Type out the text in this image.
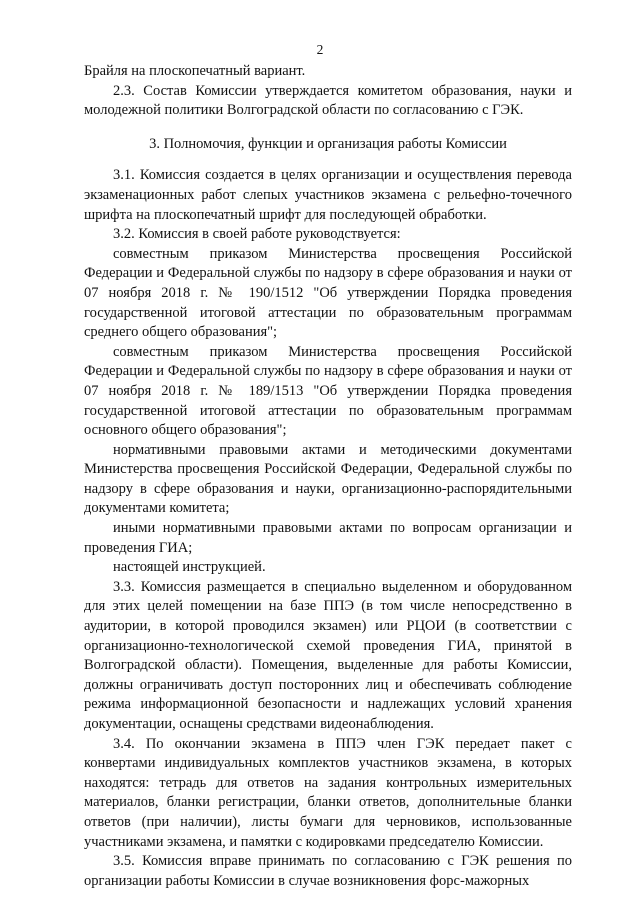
2

Брайля на плоскопечатный вариант.

2.3. Состав Комиссии утверждается комитетом образования, науки и молодежной политики Волгоградской области по согласованию с ГЭК.

3. Полномочия, функции и организация работы Комиссии

3.1. Комиссия создается в целях организации и осуществления перевода экзаменационных работ слепых участников экзамена с рельефно-точечного шрифта на плоскопечатный шрифт для последующей обработки.

3.2. Комиссия в своей работе руководствуется:

совместным приказом Министерства просвещения Российской Федерации и Федеральной службы по надзору в сфере образования и науки от 07 ноября 2018 г. № 190/1512 "Об утверждении Порядка проведения государственной итоговой аттестации по образовательным программам среднего общего образования";

совместным приказом Министерства просвещения Российской Федерации и Федеральной службы по надзору в сфере образования и науки от 07 ноября 2018 г. № 189/1513 "Об утверждении Порядка проведения государственной итоговой аттестации по образовательным программам основного общего образования";

нормативными правовыми актами и методическими документами Министерства просвещения Российской Федерации, Федеральной службы по надзору в сфере образования и науки, организационно-распорядительными документами комитета;

иными нормативными правовыми актами по вопросам организации и проведения ГИА;

настоящей инструкцией.

3.3. Комиссия размещается в специально выделенном и оборудованном для этих целей помещении на базе ППЭ (в том числе непосредственно в аудитории, в которой проводился экзамен) или РЦОИ (в соответствии с организационно-технологической схемой проведения ГИА, принятой в Волгоградской области). Помещения, выделенные для работы Комиссии, должны ограничивать доступ посторонних лиц и обеспечивать соблюдение режима информационной безопасности и надлежащих условий хранения документации, оснащены средствами видеонаблюдения.

3.4. По окончании экзамена в ППЭ член ГЭК передает пакет с конвертами индивидуальных комплектов участников экзамена, в которых находятся: тетрадь для ответов на задания контрольных измерительных материалов, бланки регистрации, бланки ответов, дополнительные бланки ответов (при наличии), листы бумаги для черновиков, использованные участниками экзамена, и памятки с кодировками председателю Комиссии.

3.5. Комиссия вправе принимать по согласованию с ГЭК решения по организации работы Комиссии в случае возникновения форс-мажорных
